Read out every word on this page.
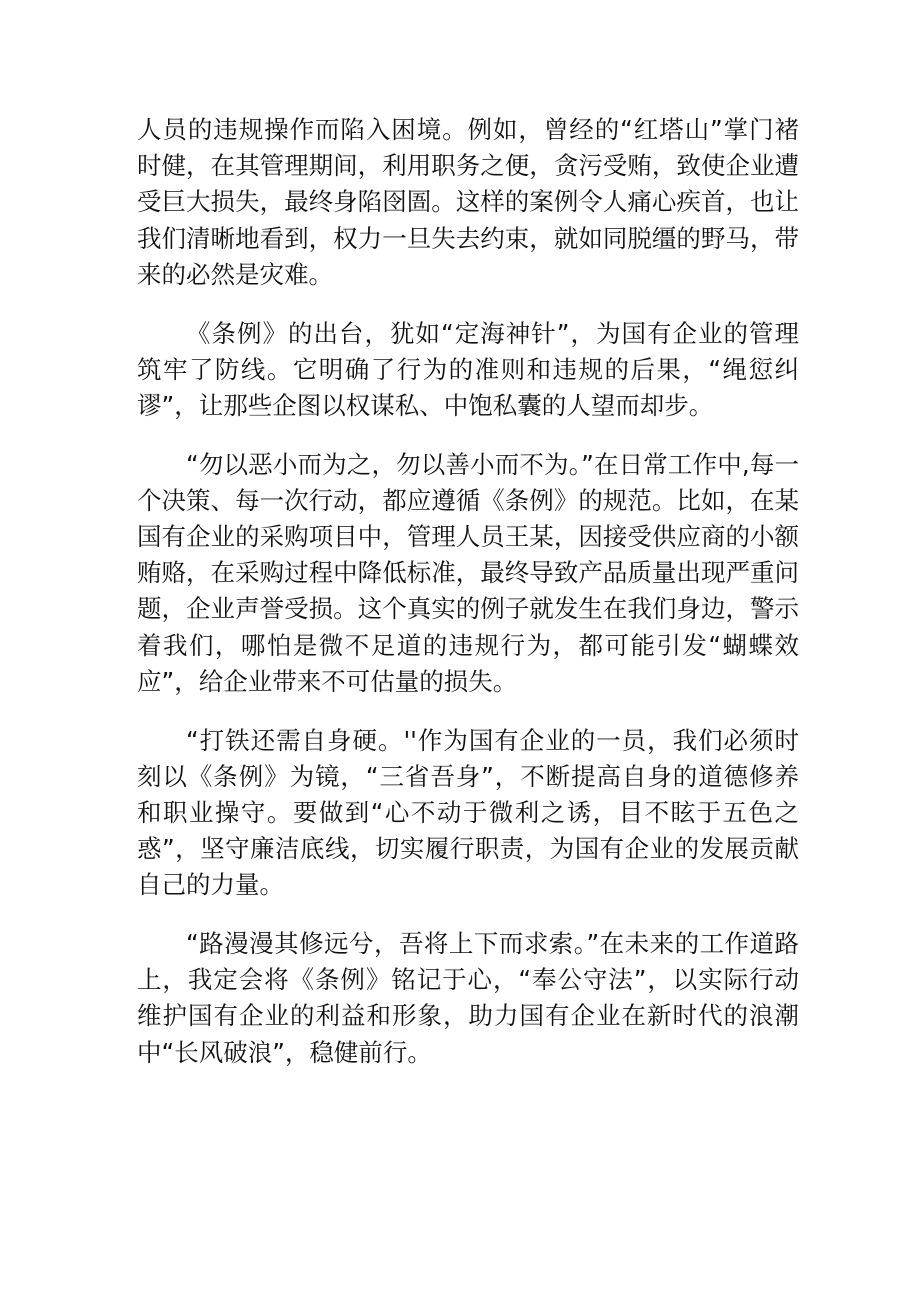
人员的违规操作而陷入困境。例如，曾经的“红塔山”掌门褚时健，在其管理期间，利用职务之便，贪污受贿，致使企业遭受巨大损失，最终身陷囹圄。这样的案例令人痛心疾首，也让我们清晰地看到，权力一旦失去约束，就如同脱缰的野马，带来的必然是灾难。

《条例》的出台，犹如“定海神针”，为国有企业的管理筑牢了防线。它明确了行为的准则和违规的后果，“绳愆纠谬”，让那些企图以权谋私、中饱私囊的人望而却步。

“勿以恶小而为之，勿以善小而不为。”在日常工作中,每一个决策、每一次行动，都应遵循《条例》的规范。比如，在某国有企业的采购项目中，管理人员王某，因接受供应商的小额贿赂，在采购过程中降低标准，最终导致产品质量出现严重问题，企业声誉受损。这个真实的例子就发生在我们身边，警示着我们，哪怕是微不足道的违规行为，都可能引发“蝴蝶效应”，给企业带来不可估量的损失。

“打铁还需自身硬。''作为国有企业的一员，我们必须时刻以《条例》为镜，“三省吾身”，不断提高自身的道德修养和职业操守。要做到“心不动于微利之诱，目不眩于五色之惑”，坚守廉洁底线，切实履行职责，为国有企业的发展贡献自己的力量。

“路漫漫其修远兮，吾将上下而求索。”在未来的工作道路上，我定会将《条例》铭记于心，“奉公守法”，以实际行动维护国有企业的利益和形象，助力国有企业在新时代的浪潮中“长风破浪”，稳健前行。
